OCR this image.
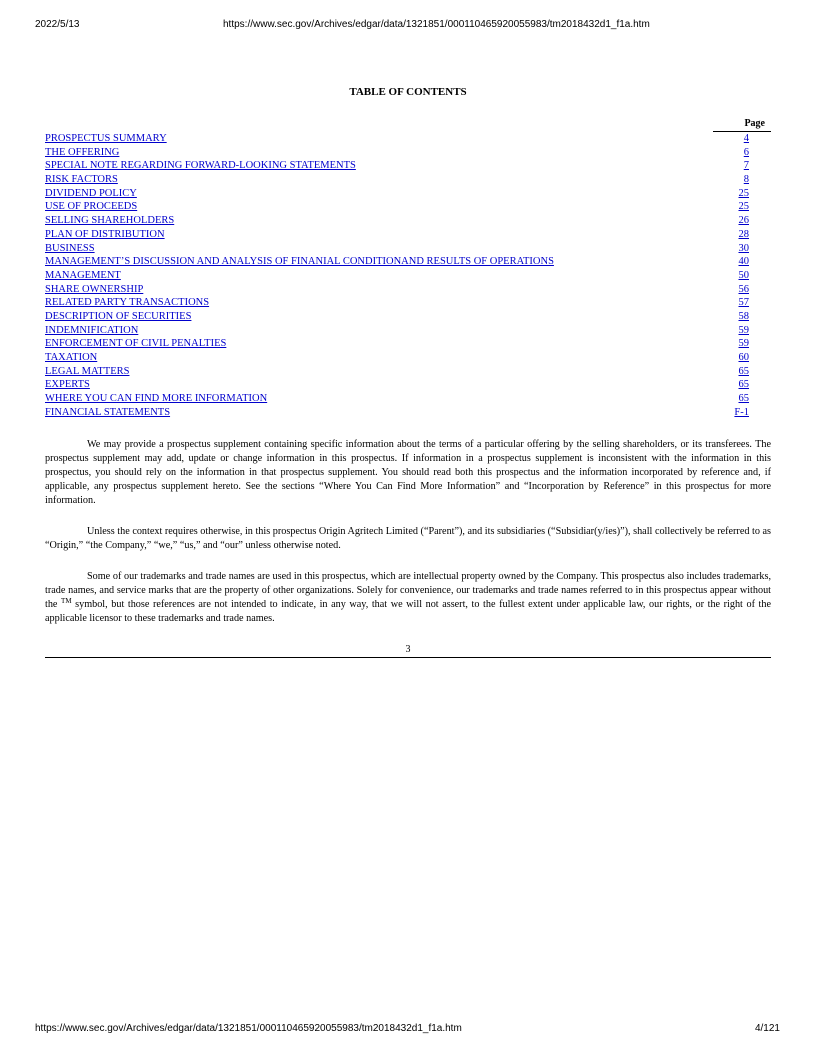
2022/5/13	https://www.sec.gov/Archives/edgar/data/1321851/000110465920055983/tm2018432d1_f1a.htm
TABLE OF CONTENTS
Page
PROSPECTUS SUMMARY	4
THE OFFERING	6
SPECIAL NOTE REGARDING FORWARD-LOOKING STATEMENTS	7
RISK FACTORS	8
DIVIDEND POLICY	25
USE OF PROCEEDS	25
SELLING SHAREHOLDERS	26
PLAN OF DISTRIBUTION	28
BUSINESS	30
MANAGEMENT’S DISCUSSION AND ANALYSIS OF FINANIAL CONDITIONAND RESULTS OF OPERATIONS	40
MANAGEMENT	50
SHARE OWNERSHIP	56
RELATED PARTY TRANSACTIONS	57
DESCRIPTION OF SECURITIES	58
INDEMNIFICATION	59
ENFORCEMENT OF CIVIL PENALTIES	59
TAXATION	60
LEGAL MATTERS	65
EXPERTS	65
WHERE YOU CAN FIND MORE INFORMATION	65
FINANCIAL STATEMENTS	F-1

We may provide a prospectus supplement containing specific information about the terms of a particular offering by the selling shareholders, or its transferees. The prospectus supplement may add, update or change information in this prospectus. If information in a prospectus supplement is inconsistent with the information in this prospectus, you should rely on the information in that prospectus supplement. You should read both this prospectus and the information incorporated by reference and, if applicable, any prospectus supplement hereto. See the sections “Where You Can Find More Information” and “Incorporation by Reference” in this prospectus for more information.

Unless the context requires otherwise, in this prospectus Origin Agritech Limited (“Parent”), and its subsidiaries (“Subsidiar(y/ies)”), shall collectively be referred to as “Origin,” “the Company,” “we,” “us,” and “our” unless otherwise noted.

Some of our trademarks and trade names are used in this prospectus, which are intellectual property owned by the Company. This prospectus also includes trademarks, trade names, and service marks that are the property of other organizations. Solely for convenience, our trademarks and trade names referred to in this prospectus appear without the ™ symbol, but those references are not intended to indicate, in any way, that we will not assert, to the fullest extent under applicable law, our rights, or the right of the applicable licensor to these trademarks and trade names.

3
https://www.sec.gov/Archives/edgar/data/1321851/000110465920055983/tm2018432d1_f1a.htm	4/121
